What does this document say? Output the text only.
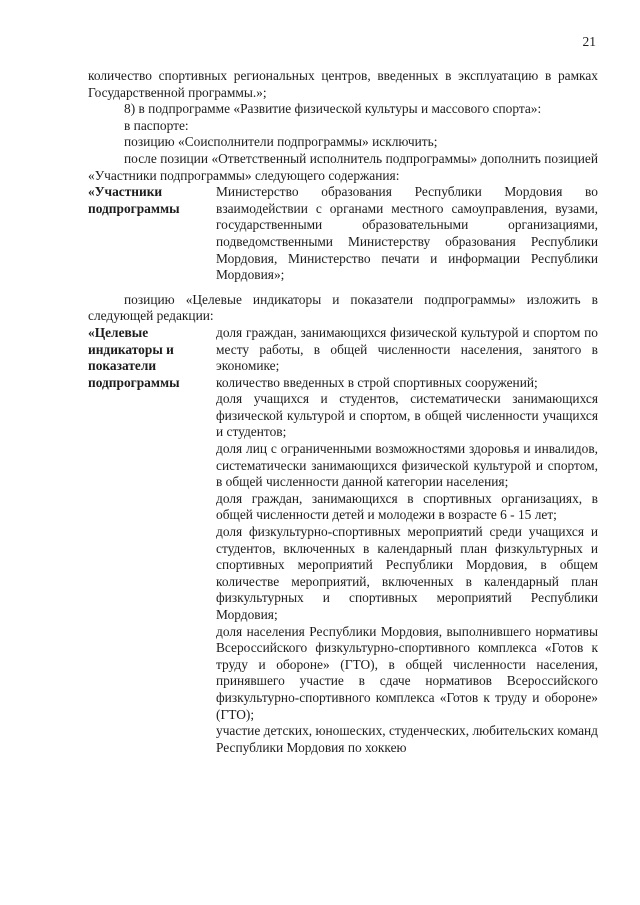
21

количество спортивных региональных центров, введенных в эксплуатацию в рамках Государственной программы.»;

8) в подпрограмме «Развитие физической культуры и массового спорта»:

в паспорте:

позицию «Соисполнители подпрограммы» исключить;

после позиции «Ответственный исполнитель подпрограммы» дополнить позицией «Участники подпрограммы» следующего содержания:

«Участники подпрограммы
Министерство образования Республики Мордовия во взаимодействии с органами местного самоуправления, вузами, государственными образовательными организациями, подведомственными Министерству образования Республики Мордовия, Министерство печати и информации Республики Мордовия»;

позицию «Целевые индикаторы и показатели подпрограммы» изложить в следующей редакции:

«Целевые индикаторы и показатели подпрограммы

доля граждан, занимающихся физической культурой и спортом по месту работы, в общей численности населения, занятого в экономике;

количество введенных в строй спортивных сооружений;

доля учащихся и студентов, систематически занимающихся физической культурой и спортом, в общей численности учащихся и студентов;

доля лиц с ограниченными возможностями здоровья и инвалидов, систематически занимающихся физической культурой и спортом, в общей численности данной категории населения;

доля граждан, занимающихся в спортивных организациях, в общей численности детей и молодежи в возрасте 6 - 15 лет;

доля физкультурно-спортивных мероприятий среди учащихся и студентов, включенных в календарный план физкультурных и спортивных мероприятий Республики Мордовия, в общем количестве мероприятий, включенных в календарный план физкультурных и спортивных мероприятий Республики Мордовия;

доля населения Республики Мордовия, выполнившего нормативы Всероссийского физкультурно-спортивного комплекса «Готов к труду и обороне» (ГТО), в общей численности населения, принявшего участие в сдаче нормативов Всероссийского физкультурно-спортивного комплекса «Готов к труду и обороне» (ГТО);

участие детских, юношеских, студенческих, любительских команд Республики Мордовия по хоккею
